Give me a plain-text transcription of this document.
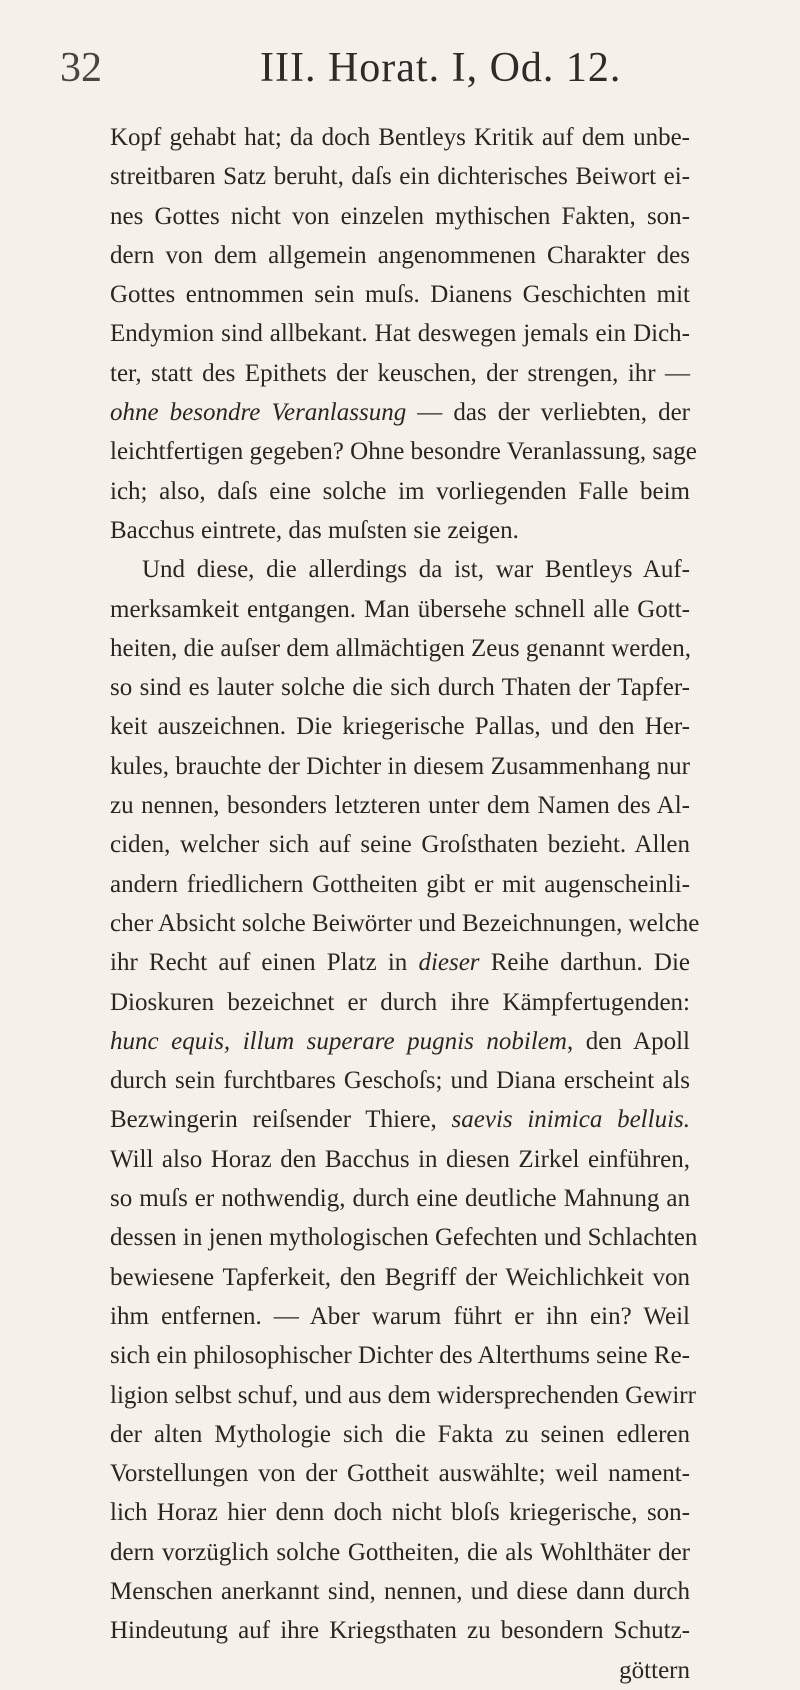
32	III. Horat. I, Od. 12.
Kopf gehabt hat; da doch Bentleys Kritik auf dem unbe-
streitbaren Satz beruht, daſs ein dichterisches Beiwort ei-
nes Gottes nicht von einzelen mythischen Fakten, son-
dern von dem allgemein angenommenen Charakter des
Gottes entnommen sein muſs. Dianens Geschichten mit
Endymion sind allbekant. Hat deswegen jemals ein Dich-
ter, statt des Epithets der keuschen, der strengen, ihr —
ohne besondre Veranlassung — das der verliebten, der
leichtfertigen gegeben? Ohne besondre Veranlassung, sage
ich; also, daſs eine solche im vorliegenden Falle beim
Bacchus eintrete, das muſsten sie zeigen.
Und diese, die allerdings da ist, war Bentleys Auf-
merksamkeit entgangen. Man übersehe schnell alle Gott-
heiten, die auſser dem allmächtigen Zeus genannt werden,
so sind es lauter solche die sich durch Thaten der Tapfer-
keit auszeichnen. Die kriegerische Pallas, und den Her-
kules, brauchte der Dichter in diesem Zusammenhang nur
zu nennen, besonders letzteren unter dem Namen des Al-
ciden, welcher sich auf seine Groſsthaten bezieht. Allen
andern friedlichern Gottheiten gibt er mit augenscheinli-
cher Absicht solche Beiwörter und Bezeichnungen, welche
ihr Recht auf einen Platz in dieser Reihe darthun. Die
Dioskuren bezeichnet er durch ihre Kämpfertugenden:
hunc equis, illum superare pugnis nobilem, den Apoll
durch sein furchtbares Geschoſs; und Diana erscheint als
Bezwingerin reiſsender Thiere, saevis inimica belluis.
Will also Horaz den Bacchus in diesen Zirkel einführen,
so muſs er nothwendig, durch eine deutliche Mahnung an
dessen in jenen mythologischen Gefechten und Schlachten
bewiesene Tapferkeit, den Begriff der Weichlichkeit von
ihm entfernen. — Aber warum führt er ihn ein? Weil
sich ein philosophischer Dichter des Alterthums seine Re-
ligion selbst schuf, und aus dem widersprechenden Gewirr
der alten Mythologie sich die Fakta zu seinen edleren
Vorstellungen von der Gottheit auswählte; weil nament-
lich Horaz hier denn doch nicht bloſs kriegerische, son-
dern vorzüglich solche Gottheiten, die als Wohlthäter der
Menschen anerkannt sind, nennen, und diese dann durch
Hindeutung auf ihre Kriegsthaten zu besondern Schutz-
göttern
